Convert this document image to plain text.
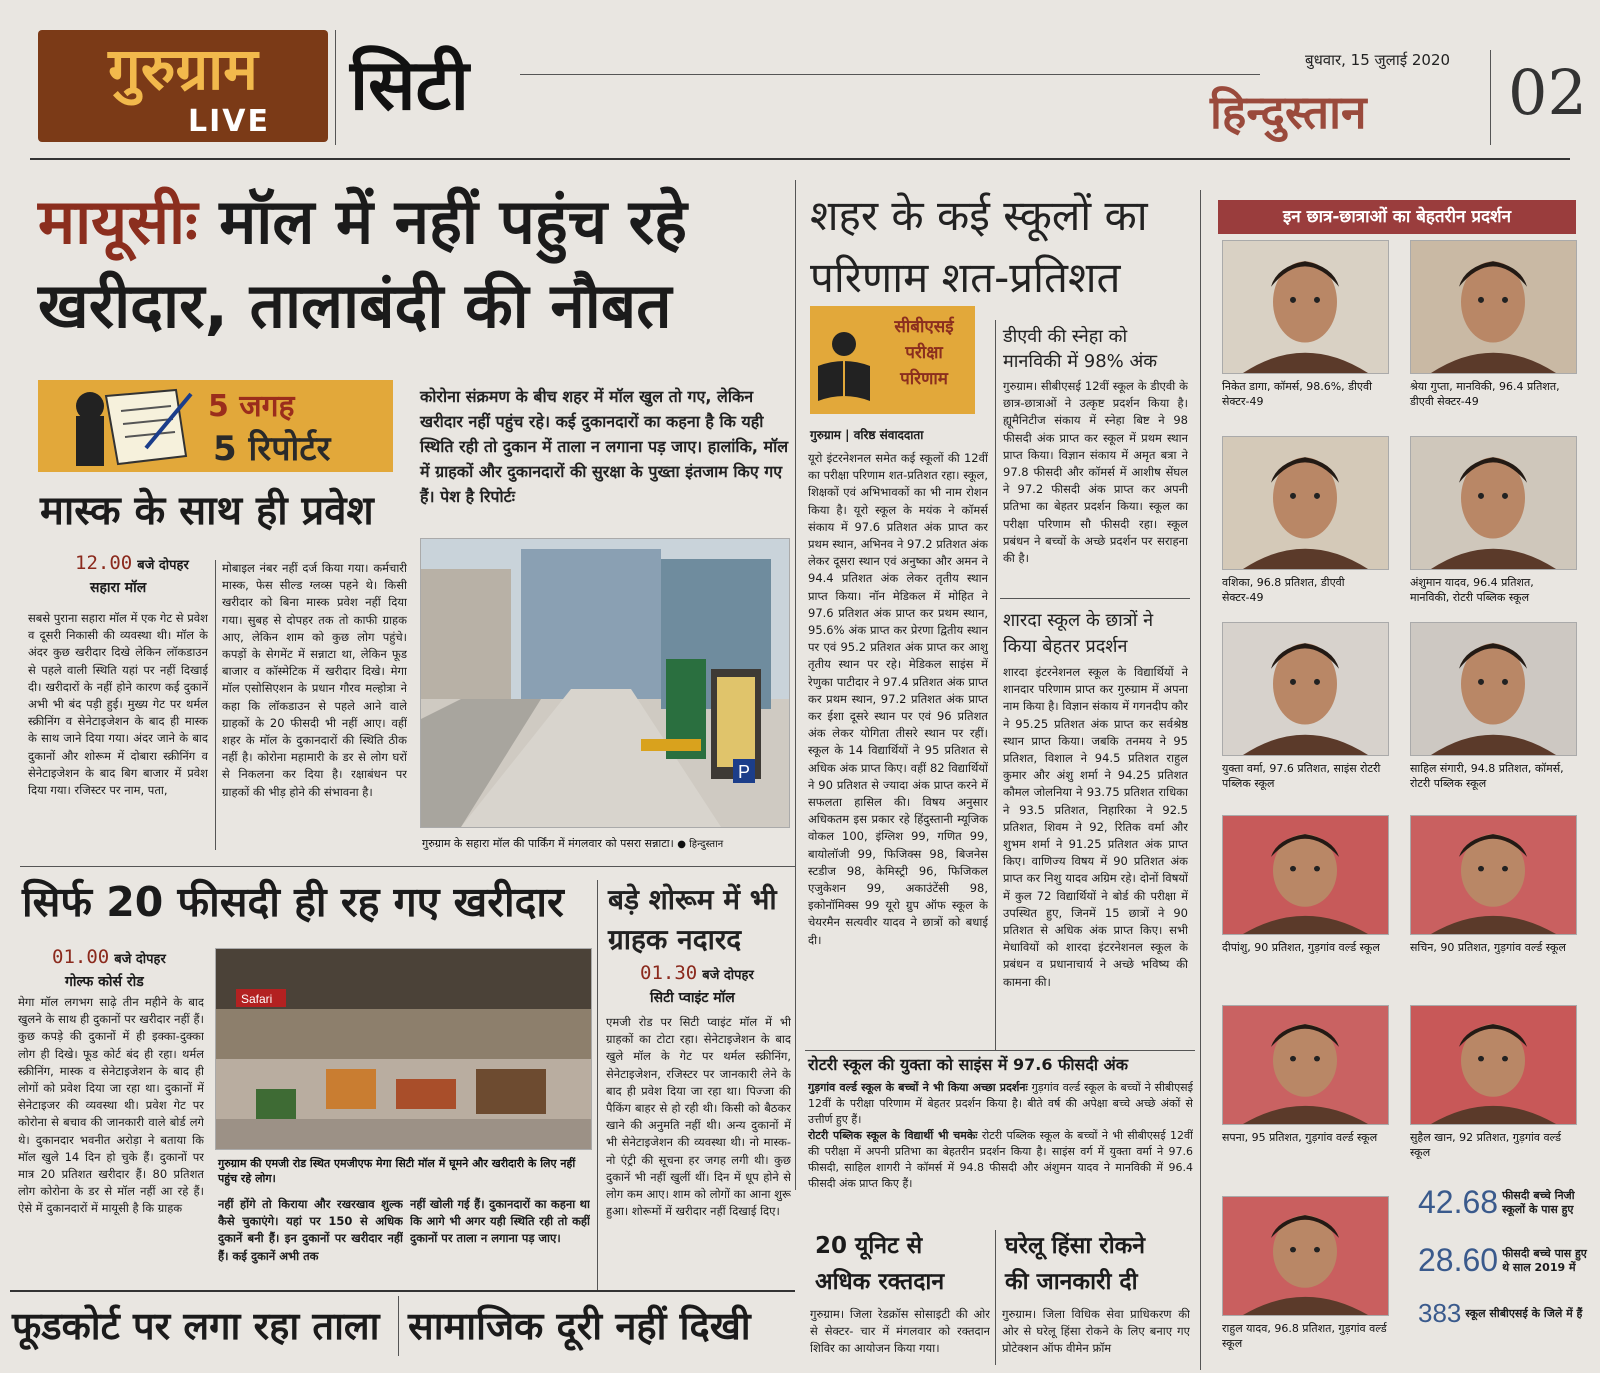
गुरुग्राम
LIVE सिटी	बुधवार, 15 जुलाई 2020
हिन्दुस्तान 02
मायूसीः मॉल में नहीं पहुंच रहे
खरीदार, तालाबंदी की नौबत
5 जगह
5 रिपोर्टर
कोरोना संक्रमण के बीच शहर में मॉल खुल तो गए, लेकिन खरीदार नहीं पहुंच रहे। कई दुकानदारों का कहना है कि यही स्थिति रही तो दुकान में ताला न लगाना पड़ जाए। हालांकि, मॉल में ग्राहकों और दुकानदारों की सुरक्षा के पुख्ता इंतजाम किए गए हैं। पेश है रिपोर्टः
मास्क के साथ ही प्रवेश
12.00 बजे दोपहर
सहारा मॉल
सबसे पुराना सहारा मॉल में एक गेट से प्रवेश व दूसरी निकासी की व्यवस्था थी। मॉल के अंदर कुछ खरीदार दिखे लेकिन लॉकडाउन से पहले वाली स्थिति यहां पर नहीं दिखाई दी। खरीदारों के नहीं होने कारण कई दुकानें अभी भी बंद पड़ी हुई। मुख्य गेट पर थर्मल स्क्रीनिंग व सेनेटाइजेशन के बाद ही मास्क के साथ जाने दिया गया। अंदर जाने के बाद दुकानों और शोरूम में दोबारा स्क्रीनिंग व सेनेटाइजेशन के बाद बिग बाजार में प्रवेश दिया गया। रजिस्टर पर नाम, पता,
मोबाइल नंबर नहीं दर्ज किया गया। कर्मचारी मास्क, फेस सील्ड ग्लव्स पहने थे। किसी खरीदार को बिना मास्क प्रवेश नहीं दिया गया। सुबह से दोपहर तक तो काफी ग्राहक आए, लेकिन शाम को कुछ लोग पहुंचे। कपड़ों के सेगमेंट में सन्नाटा था, लेकिन फूड बाजार व कॉस्मेटिक में खरीदार दिखे। मेगा मॉल एसोसिएशन के प्रधान गौरव मल्होत्रा ने कहा कि लॉकडाउन से पहले आने वाले ग्राहकों के 20 फीसदी भी नहीं आए। वहीं शहर के मॉल के दुकानदारों की स्थिति ठीक नहीं है। कोरोना महामारी के डर से लोग घरों से निकलना कर दिया है। रक्षाबंधन पर ग्राहकों की भीड़ होने की संभावना है।
P
गुरुग्राम के सहारा मॉल की पार्किंग में मंगलवार को पसरा सन्नाटा। ● हिन्दुस्तान
सिर्फ 20 फीसदी ही रह गए खरीदार
01.00 बजे दोपहर
गोल्फ कोर्स रोड
मेगा मॉल लगभग साढ़े तीन महीने के बाद खुलने के साथ ही दुकानों पर खरीदार नहीं हैं। कुछ कपड़े की दुकानों में ही इक्का-दुक्का लोग ही दिखे। फूड कोर्ट बंद ही रहा। थर्मल स्क्रीनिंग, मास्क व सेनेटाइजेशन के बाद ही लोगों को प्रवेश दिया जा रहा था। दुकानों में सेनेटाइजर की व्यवस्था थी। प्रवेश गेट पर कोरोना से बचाव की जानकारी वाले बोर्ड लगे थे। दुकानदार भवनीत अरोड़ा ने बताया कि मॉल खुले 14 दिन हो चुके हैं। दुकानों पर मात्र 20 प्रतिशत खरीदार हैं। 80 प्रतिशत लोग कोरोना के डर से मॉल नहीं आ रहे हैं। ऐसे में दुकानदारों में मायूसी है कि ग्राहक
Safari
गुरुग्राम की एमजी रोड स्थित एमजीएफ मेगा सिटी मॉल में घूमने और खरीदारी के लिए नहीं पहुंच रहे लोग।
नहीं होंगे तो किराया और रखरखाव शुल्क कैसे चुकाएंगे। यहां पर 150 से अधिक दुकानें बनी हैं। इन दुकानों पर खरीदार नहीं हैं। कई दुकानें अभी तक
नहीं खोली गई हैं। दुकानदारों का कहना था कि आगे भी अगर यही स्थिति रही तो कहीं दुकानों पर ताला न लगाना पड़ जाए।
बड़े शोरूम में भी
ग्राहक नदारद
01.30 बजे दोपहर
सिटी प्वाइंट मॉल
एमजी रोड पर सिटी प्वाइंट मॉल में भी ग्राहकों का टोटा रहा। सेनेटाइजेशन के बाद खुले मॉल के गेट पर थर्मल स्क्रीनिंग, सेनेटाइजेशन, रजिस्टर पर जानकारी लेने के बाद ही प्रवेश दिया जा रहा था। पिज्जा की पैकिंग बाहर से हो रही थी। किसी को बैठकर खाने की अनुमति नहीं थी। अन्य दुकानों में भी सेनेटाइजेशन की व्यवस्था थी। नो मास्क-नो एंट्री की सूचना हर जगह लगी थी। कुछ दुकानें भी नहीं खुलीं थीं। दिन में धूप होने से लोग कम आए। शाम को लोगों का आना शुरू हुआ। शोरूमों में खरीदार नहीं दिखाई दिए।
फूडकोर्ट पर लगा रहा ताला सामाजिक दूरी नहीं दिखी
शहर के कई स्कूलों का
परिणाम शत-प्रतिशत
सीबीएसई
परीक्षा
परिणाम
गुरुग्राम | वरिष्ठ संवाददाता
यूरो इंटरनेशनल समेत कई स्कूलों की 12वीं का परीक्षा परिणाम शत-प्रतिशत रहा। स्कूल, शिक्षकों एवं अभिभावकों का भी नाम रोशन किया है। यूरो स्कूल के मयंक ने कॉमर्स संकाय में 97.6 प्रतिशत अंक प्राप्त कर प्रथम स्थान, अभिनव ने 97.2 प्रतिशत अंक लेकर दूसरा स्थान एवं अनुष्का और अमन ने 94.4 प्रतिशत अंक लेकर तृतीय स्थान प्राप्त किया। नॉन मेडिकल में मोहित ने 97.6 प्रतिशत अंक प्राप्त कर प्रथम स्थान, 95.6% अंक प्राप्त कर प्रेरणा द्वितीय स्थान पर एवं 95.2 प्रतिशत अंक प्राप्त कर आशु तृतीय स्थान पर रहे। मेडिकल साइंस में रेणुका पाटीदार ने 97.4 प्रतिशत अंक प्राप्त कर प्रथम स्थान, 97.2 प्रतिशत अंक प्राप्त कर ईशा दूसरे स्थान पर एवं 96 प्रतिशत अंक लेकर योगिता तीसरे स्थान पर रहीं। स्कूल के 14 विद्यार्थियों ने 95 प्रतिशत से अधिक अंक प्राप्त किए। वहीं 82 विद्यार्थियों ने 90 प्रतिशत से ज्यादा अंक प्राप्त करने में सफलता हासिल की। विषय अनुसार अधिकतम इस प्रकार रहे हिंदुस्तानी म्यूजिक वोकल 100, इंग्लिश 99, गणित 99, बायोलॉजी 99, फिजिक्स 98, बिजनेस स्टडीज 98, केमिस्ट्री 96, फिजिकल एजुकेशन 99, अकाउंटेंसी 98, इकोनॉमिक्स 99 यूरो ग्रुप ऑफ स्कूल के चेयरमैन सत्यवीर यादव ने छात्रों को बधाई दी।
डीएवी की स्नेहा को
मानविकी में 98% अंक
गुरुग्राम। सीबीएसई 12वीं स्कूल के डीएवी के छात्र-छात्राओं ने उत्कृष्ट प्रदर्शन किया है। ह्यूमैनिटीज संकाय में स्नेहा बिष्ट ने 98 फीसदी अंक प्राप्त कर स्कूल में प्रथम स्थान प्राप्त किया। विज्ञान संकाय में अमृत बत्रा ने 97.8 फीसदी और कॉमर्स में आशीष सेंघल ने 97.2 फीसदी अंक प्राप्त कर अपनी प्रतिभा का बेहतर प्रदर्शन किया। स्कूल का परीक्षा परिणाम सौ फीसदी रहा। स्कूल प्रबंधन ने बच्चों के अच्छे प्रदर्शन पर सराहना की है।
शारदा स्कूल के छात्रों ने
किया बेहतर प्रदर्शन
शारदा इंटरनेशनल स्कूल के विद्यार्थियों ने शानदार परिणाम प्राप्त कर गुरुग्राम में अपना नाम किया है। विज्ञान संकाय में गगनदीप कौर ने 95.25 प्रतिशत अंक प्राप्त कर सर्वश्रेष्ठ स्थान प्राप्त किया। जबकि तनमय ने 95 प्रतिशत, विशाल ने 94.5 प्रतिशत राहुल कुमार और अंशु शर्मा ने 94.25 प्रतिशत कौमल जोलनिया ने 93.75 प्रतिशत राधिका ने 93.5 प्रतिशत, निहारिका ने 92.5 प्रतिशत, शिवम ने 92, रितिक वर्मा और शुभम शर्मा ने 91.25 प्रतिशत अंक प्राप्त किए। वाणिज्य विषय में 90 प्रतिशत अंक प्राप्त कर निशु यादव अग्रिम रहे। दोनों विषयों में कुल 72 विद्यार्थियों ने बोर्ड की परीक्षा में उपस्थित हुए, जिनमें 15 छात्रों ने 90 प्रतिशत से अधिक अंक प्राप्त किए। सभी मेधावियों को शारदा इंटरनेशनल स्कूल के प्रबंधन व प्रधानाचार्य ने अच्छे भविष्य की कामना की।
रोटरी स्कूल की युक्ता को साइंस में 97.6 फीसदी अंक
गुड़गांव वर्ल्ड स्कूल के बच्चों ने भी किया अच्छा प्रदर्शनः गुड़गांव वर्ल्ड स्कूल के बच्चों ने सीबीएसई 12वीं के परीक्षा परिणाम में बेहतर प्रदर्शन किया है। बीते वर्ष की अपेक्षा बच्चे अच्छे अंकों से उत्तीर्ण हुए हैं।
रोटरी पब्लिक स्कूल के विद्यार्थी भी चमकेः रोटरी पब्लिक स्कूल के बच्चों ने भी सीबीएसई 12वीं की परीक्षा में अपनी प्रतिभा का बेहतरीन प्रदर्शन किया है। साइंस वर्ग में युक्ता वर्मा ने 97.6 फीसदी, साहिल शागरी ने कॉमर्स में 94.8 फीसदी और अंशुमन यादव ने मानविकी में 96.4 फीसदी अंक प्राप्त किए हैं।
20 यूनिट से
अधिक रक्तदान
गुरुग्राम। जिला रेडक्रॉस सोसाइटी की ओर से सेक्टर- चार में मंगलवार को रक्तदान शिविर का आयोजन किया गया।
घरेलू हिंसा रोकने
की जानकारी दी
गुरुग्राम। जिला विधिक सेवा प्राधिकरण की ओर से घरेलू हिंसा रोकने के लिए बनाए गए प्रोटेक्शन ऑफ वीमेन फ्रॉम
इन छात्र-छात्राओं का बेहतरीन प्रदर्शन
निकेत डागा, कॉमर्स, 98.6%, डीएवी सेक्टर-49
श्रेया गुप्ता, मानविकी, 96.4 प्रतिशत, डीएवी सेक्टर-49
वशिका, 96.8 प्रतिशत, डीएवी सेक्टर-49
अंशुमान यादव, 96.4 प्रतिशत, मानविकी, रोटरी पब्लिक स्कूल
युक्ता वर्मा, 97.6 प्रतिशत, साइंस रोटरी पब्लिक स्कूल
साहिल संगारी, 94.8 प्रतिशत, कॉमर्स, रोटरी पब्लिक स्कूल
दीपांशु, 90 प्रतिशत, गुड़गांव वर्ल्ड स्कूल	सचिन, 90 प्रतिशत, गुड़गांव वर्ल्ड स्कूल
सपना, 95 प्रतिशत, गुड़गांव वर्ल्ड स्कूल	सुहैल खान, 92 प्रतिशत, गुड़गांव वर्ल्ड स्कूल
राहुल यादव, 96.8 प्रतिशत, गुड़गांव वर्ल्ड स्कूल
42.68 फीसदी बच्चे निजी स्कूलों के पास हुए
28.60 फीसदी बच्चे पास हुए थे साल 2019 में
383 स्कूल सीबीएसई के जिले में हैं
